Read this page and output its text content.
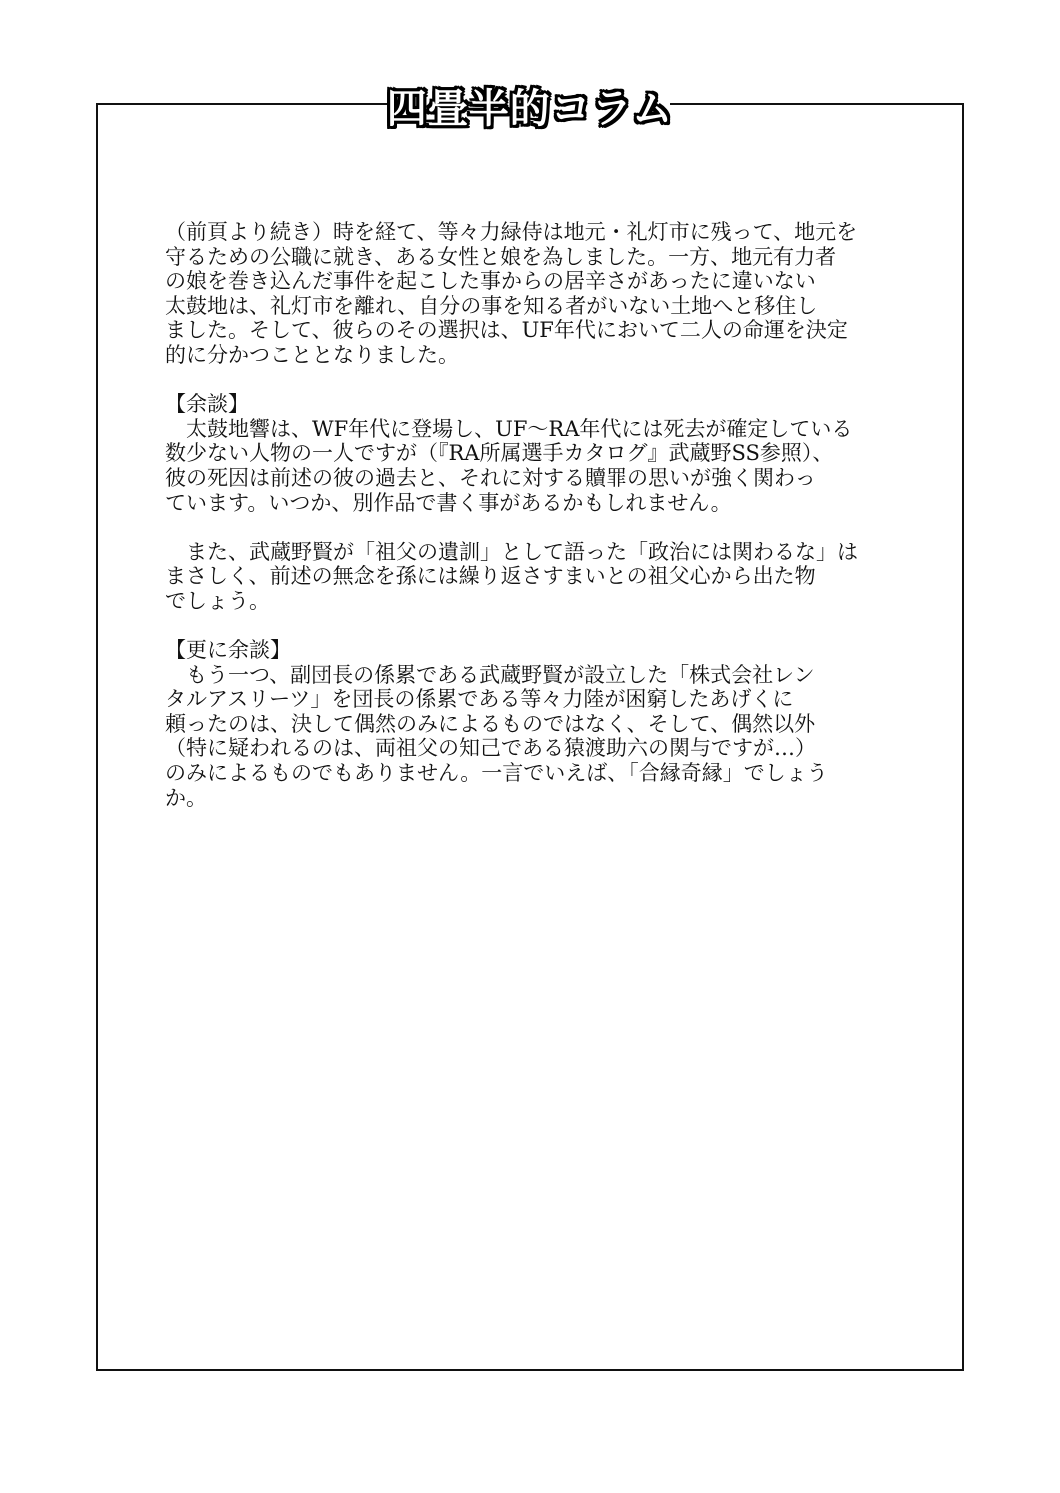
四畳半的コラム
（前頁より続き）時を経て、等々力緑侍は地元・礼灯市に残って、地元を
守るための公職に就き、ある女性と娘を為しました。一方、地元有力者
の娘を巻き込んだ事件を起こした事からの居辛さがあったに違いない
太鼓地は、礼灯市を離れ、自分の事を知る者がいない土地へと移住し
ました。そして、彼らのその選択は、UF年代において二人の命運を決定
的に分かつこととなりました。
【余談】
　太鼓地響は、WF年代に登場し、UF～RA年代には死去が確定している
数少ない人物の一人ですが（『RA所属選手カタログ』武蔵野SS参照）、
彼の死因は前述の彼の過去と、それに対する贖罪の思いが強く関わっ
ています。いつか、別作品で書く事があるかもしれません。
　また、武蔵野賢が「祖父の遺訓」として語った「政治には関わるな」は
まさしく、前述の無念を孫には繰り返さすまいとの祖父心から出た物
でしょう。
【更に余談】
　もう一つ、副団長の係累である武蔵野賢が設立した「株式会社レン
タルアスリーツ」を団長の係累である等々力陸が困窮したあげくに
頼ったのは、決して偶然のみによるものではなく、そして、偶然以外
（特に疑われるのは、両祖父の知己である猿渡助六の関与ですが…）
のみによるものでもありません。一言でいえば、「合縁奇縁」でしょう
か。
